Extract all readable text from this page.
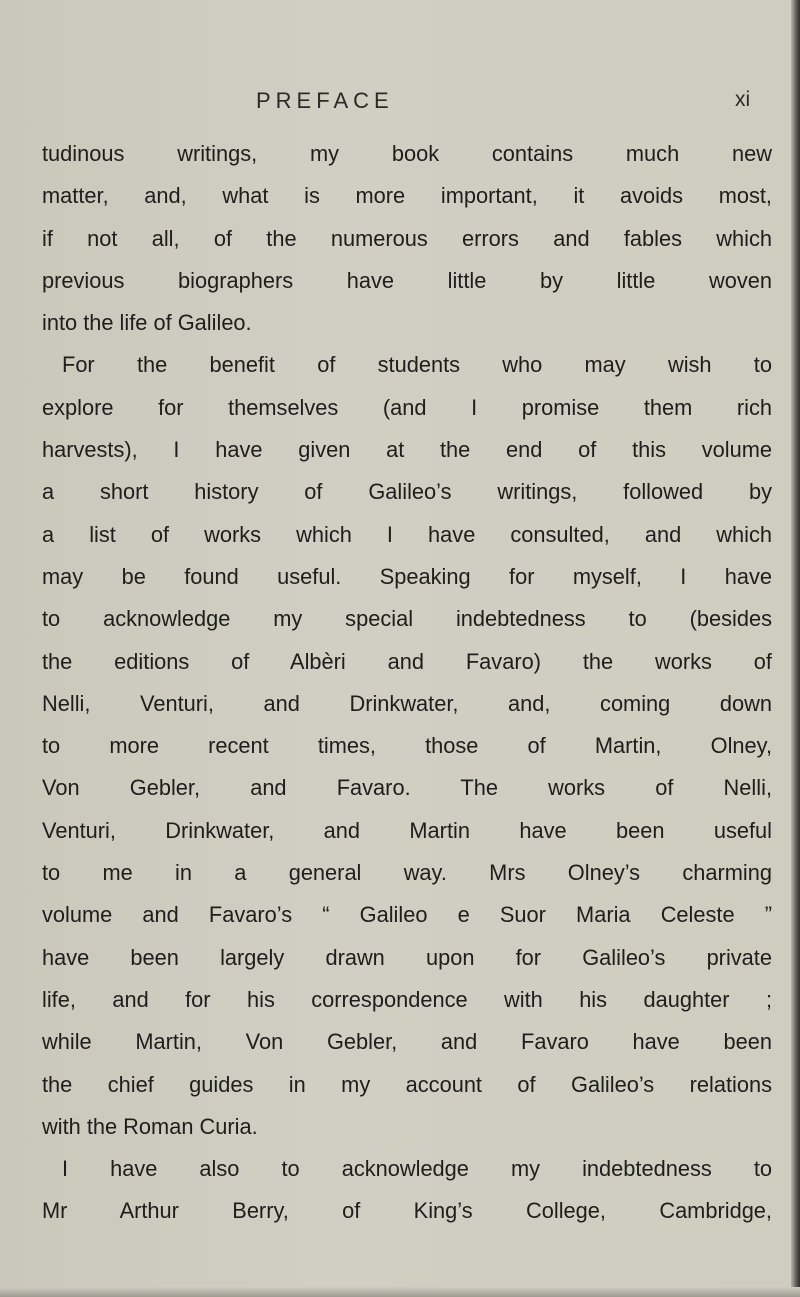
PREFACE	xi
tudinous writings, my book contains much new
matter, and, what is more important, it avoids most,
if not all, of the numerous errors and fables which
previous biographers have little by little woven
into the life of Galileo.
For the benefit of students who may wish to
explore for themselves (and I promise them rich
harvests), I have given at the end of this volume
a short history of Galileo’s writings, followed by
a list of works which I have consulted, and which
may be found useful. Speaking for myself, I have
to acknowledge my special indebtedness to (besides
the editions of Albèri and Favaro) the works of
Nelli, Venturi, and Drinkwater, and, coming down
to more recent times, those of Martin, Olney,
Von Gebler, and Favaro. The works of Nelli,
Venturi, Drinkwater, and Martin have been useful
to me in a general way. Mrs Olney’s charming
volume and Favaro’s “ Galileo e Suor Maria Celeste ”
have been largely drawn upon for Galileo’s private
life, and for his correspondence with his daughter ;
while Martin, Von Gebler, and Favaro have been
the chief guides in my account of Galileo’s relations
with the Roman Curia.
I have also to acknowledge my indebtedness to
Mr Arthur Berry, of King’s College, Cambridge,
